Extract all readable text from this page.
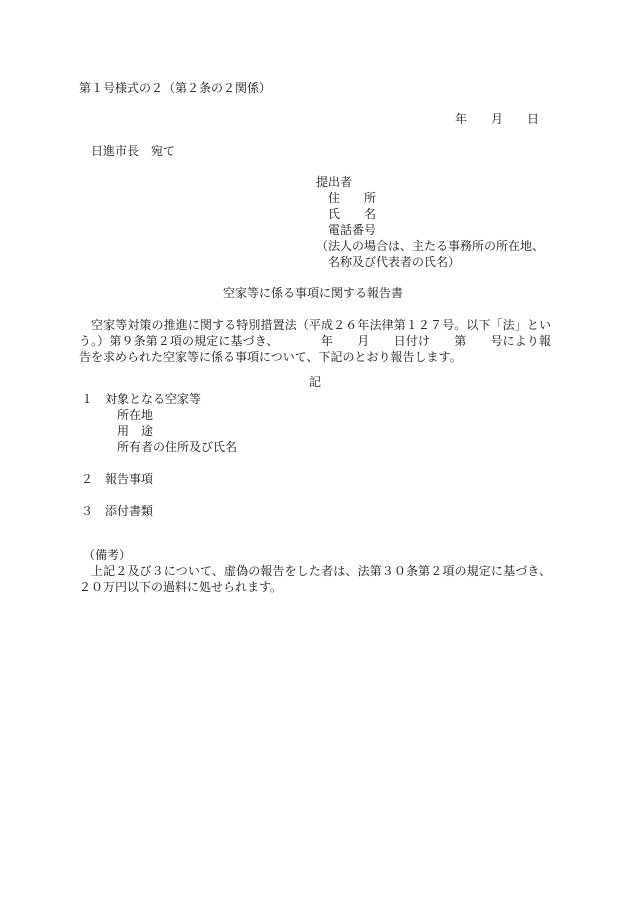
第１号様式の２（第２条の２関係）
年　　月　　日
日進市長　宛て
提出者
住　　所
氏　　名
電話番号
（法人の場合は、主たる事務所の所在地、
名称及び代表者の氏名）
空家等に係る事項に関する報告書

空家等対策の推進に関する特別措置法（平成２６年法律第１２７号。以下「法」という。）第９条第２項の規定に基づき、　　　　年　　月　　日付け　　第　　号により報告を求められた空家等に係る事項について、下記のとおり報告します。

記
１　対象となる空家等
所在地
用　途
所有者の住所及び氏名
２　報告事項
３　添付書類
（備考）

上記２及び３について、虚偽の報告をした者は、法第３０条第２項の規定に基づき、２０万円以下の過料に処せられます。
